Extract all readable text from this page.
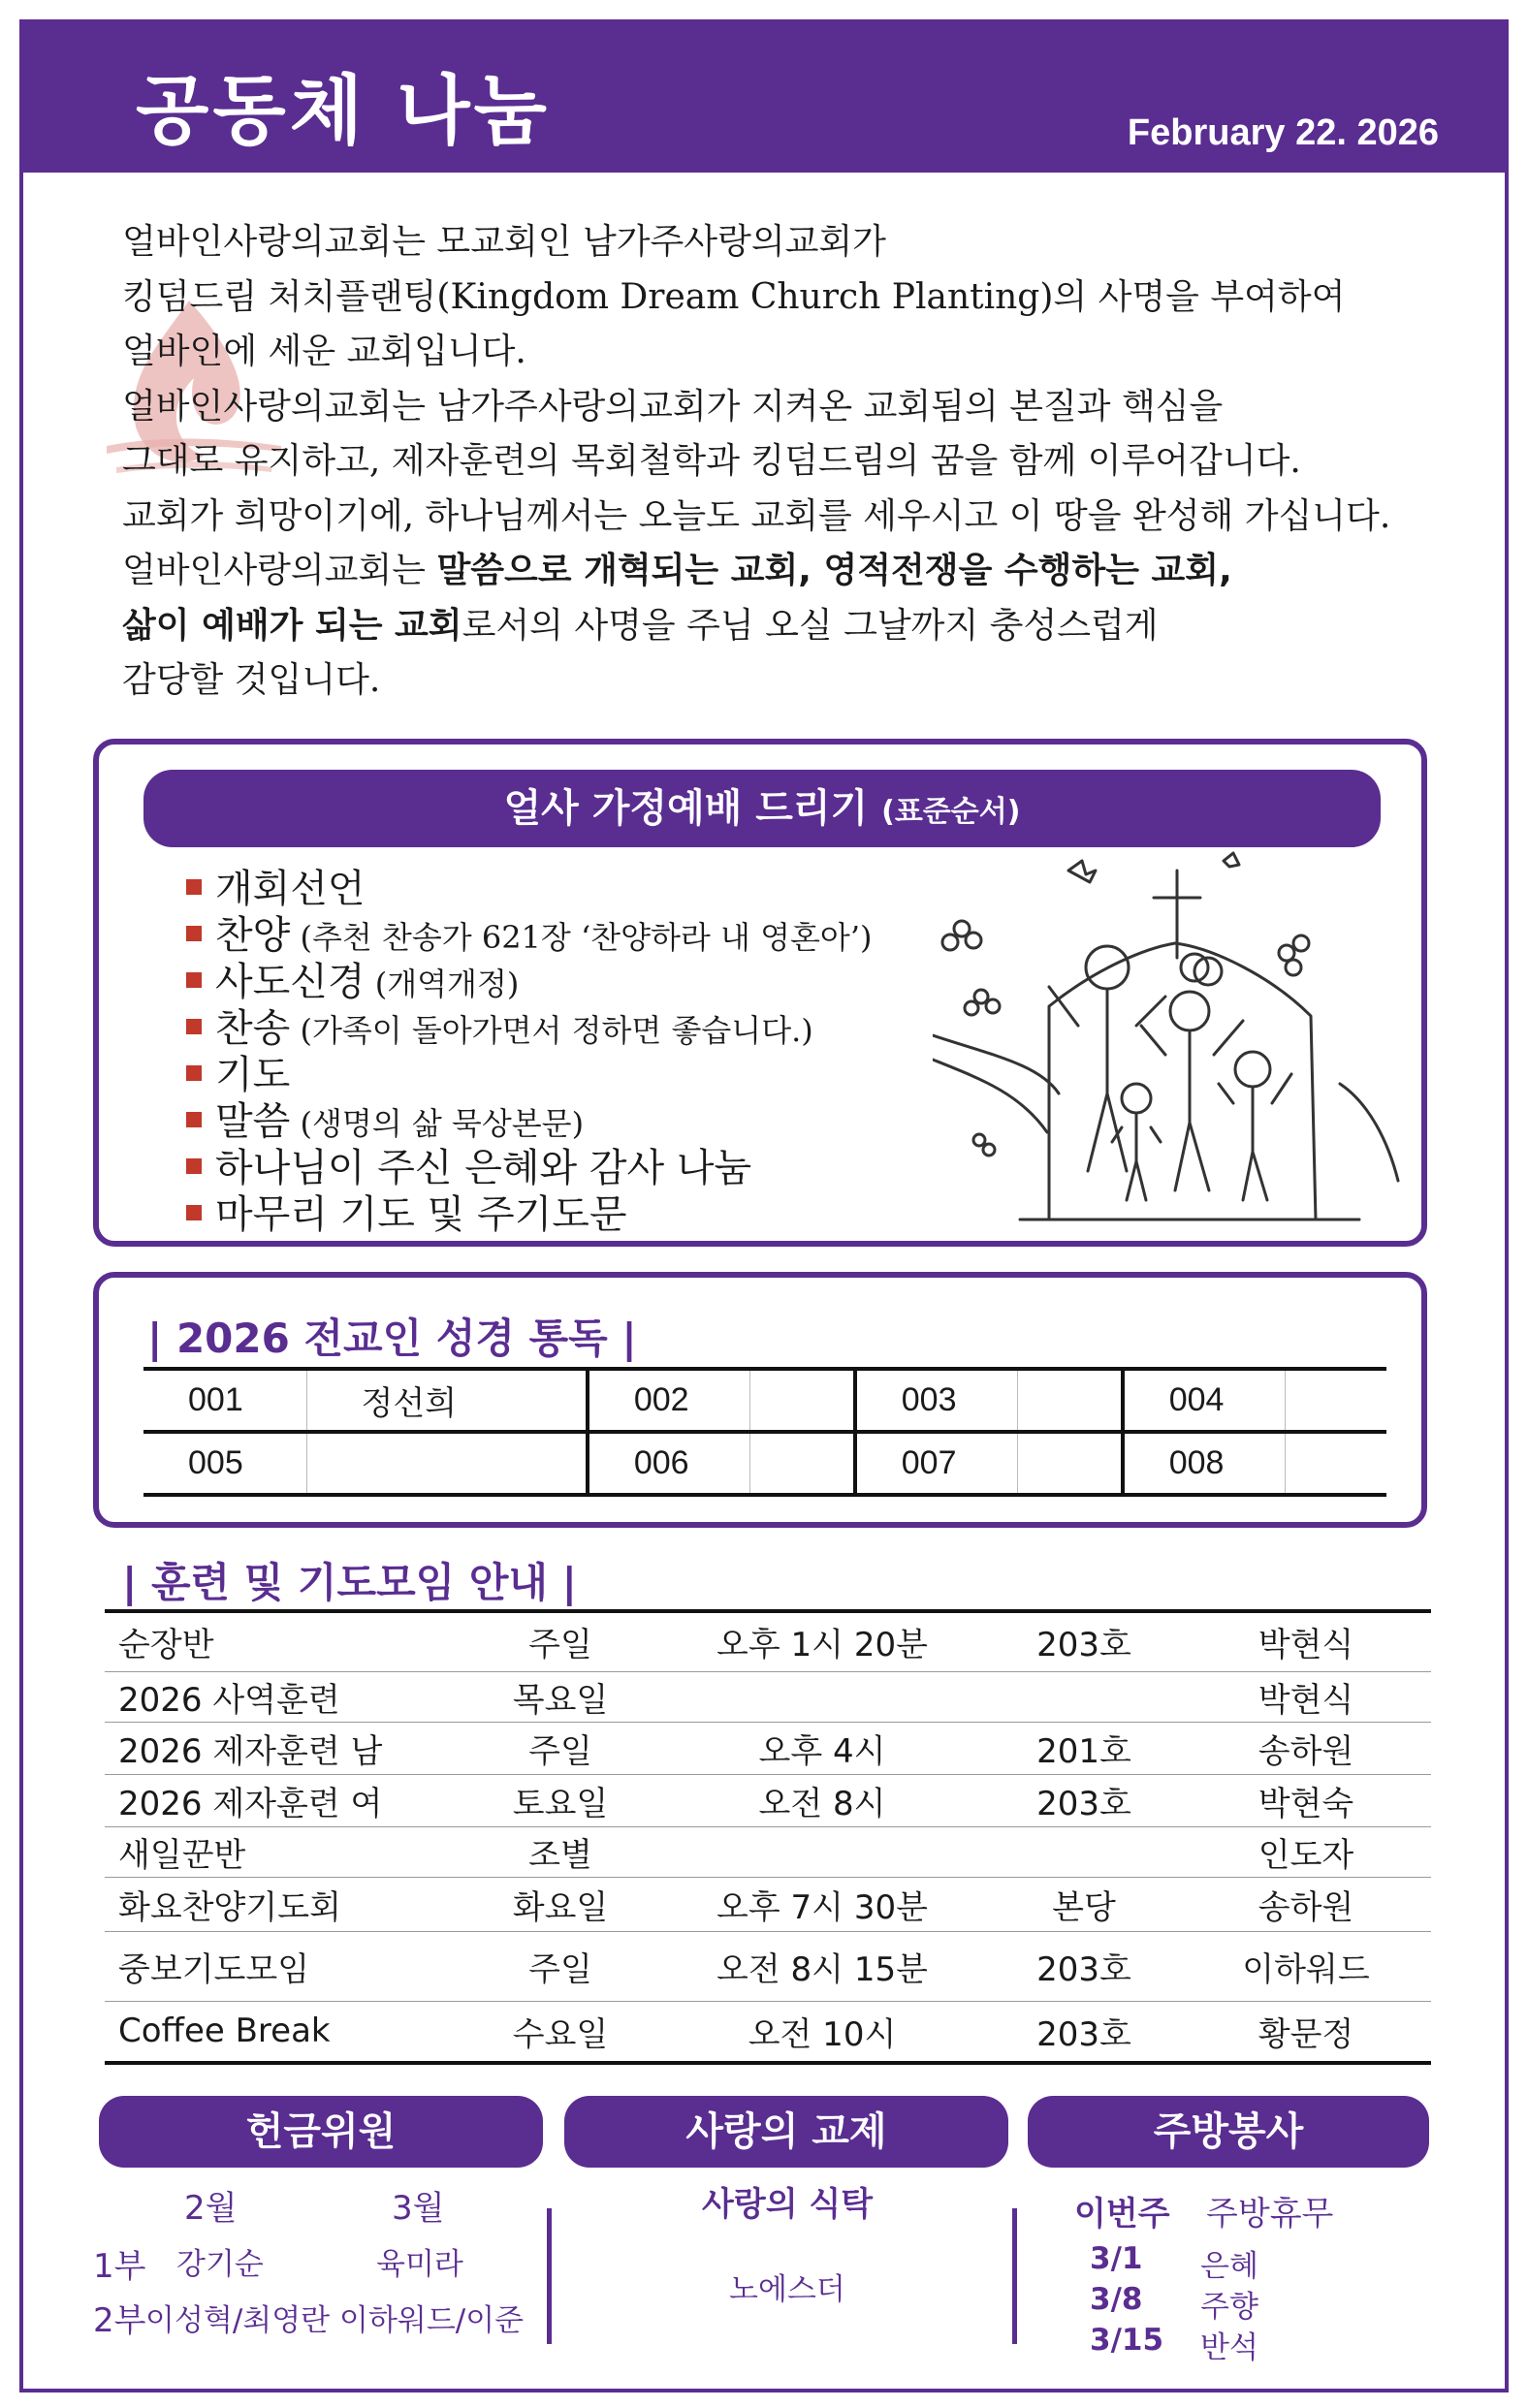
공동체 나눔	February 22. 2026

얼바인사랑의교회는 모교회인 남가주사랑의교회가

킹덤드림 처치플랜팅(Kingdom Dream Church Planting)의 사명을 부여하여

얼바인에 세운 교회입니다.

얼바인사랑의교회는 남가주사랑의교회가 지켜온 교회됨의 본질과 핵심을

그대로 유지하고, 제자훈련의 목회철학과 킹덤드림의 꿈을 함께 이루어갑니다.

교회가 희망이기에, 하나님께서는 오늘도 교회를 세우시고 이 땅을 완성해 가십니다.

얼바인사랑의교회는 말씀으로 개혁되는 교회, 영적전쟁을 수행하는 교회,

삶이 예배가 되는 교회로서의 사명을 주님 오실 그날까지 충성스럽게

감당할 것입니다.

얼사 가정예배 드리기 (표준순서)
개회선언
찬양 (추천 찬송가 621장 ‘찬양하라 내 영혼아’)
사도신경 (개역개정)
찬송 (가족이 돌아가면서 정하면 좋습니다.)
기도
말씀 (생명의 삶 묵상본문)
하나님이 주신 은혜와 감사 나눔
마무리 기도 및 주기도문
| 2026 전교인 성경 통독 |
001	정선희	002		003		004	
005		006		007		008	
| 훈련 및 기도모임 안내 |
순장반	주일	오후 1시 20분	203호	박현식
2026 사역훈련	목요일			박현식
2026 제자훈련 남	주일	오후 4시	201호	송하원
2026 제자훈련 여	토요일	오전 8시	203호	박현숙
새일꾼반	조별			인도자
화요찬양기도회	화요일	오후 7시 30분	본당	송하원
중보기도모임	주일	오전 8시 15분	203호	이하워드
Coffee Break	수요일	오전 10시	203호	황문정
헌금위원	사랑의 교제	주방봉사
2월	3월
1부 강기순	육미라
2부 이성혁/최영란 이하워드/이준
사랑의 식탁
노에스더
이번주 주방휴무
3/1 은혜
3/8 주향
3/15 반석
